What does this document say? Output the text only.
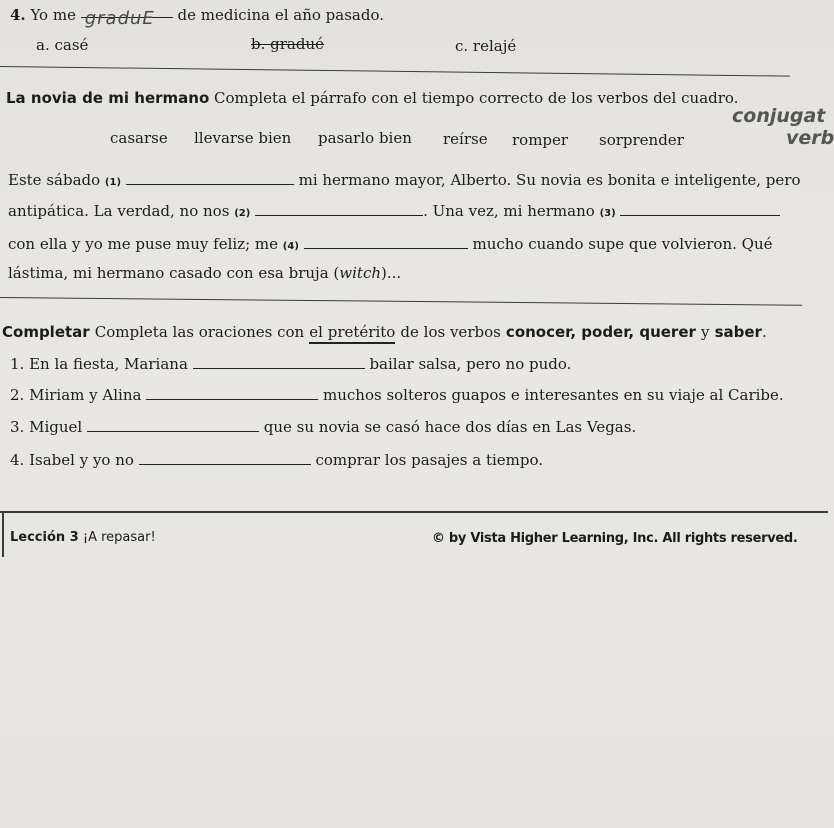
4. Yo me graduE de medicina el año pasado.
a. casé	b. gradué	c. relajé
La novia de mi hermano Completa el párrafo con el tiempo correcto de los verbos del cuadro.
conjugat
verb
casarse llevarse bien pasarlo bien reírse romper sorprender
Este sábado (1)	mi hermano mayor, Alberto. Su novia es bonita e inteligente, pero
antipática. La verdad, no nos (2)	. Una vez, mi hermano (3)
con ella y yo me puse muy feliz; me (4)	mucho cuando supe que volvieron. Qué
lástima, mi hermano casado con esa bruja (witch)...
Completar Completa las oraciones con el pretérito de los verbos conocer, poder, querer y saber.
1. En la fiesta, Mariana	bailar salsa, pero no pudo.
2. Miriam y Alina	muchos solteros guapos e interesantes en su viaje al Caribe.
3. Miguel	que su novia se casó hace dos días en Las Vegas.
4. Isabel y yo no	comprar los pasajes a tiempo.
Lección 3 ¡A repasar!	© by Vista Higher Learning, Inc. All rights reserved.
